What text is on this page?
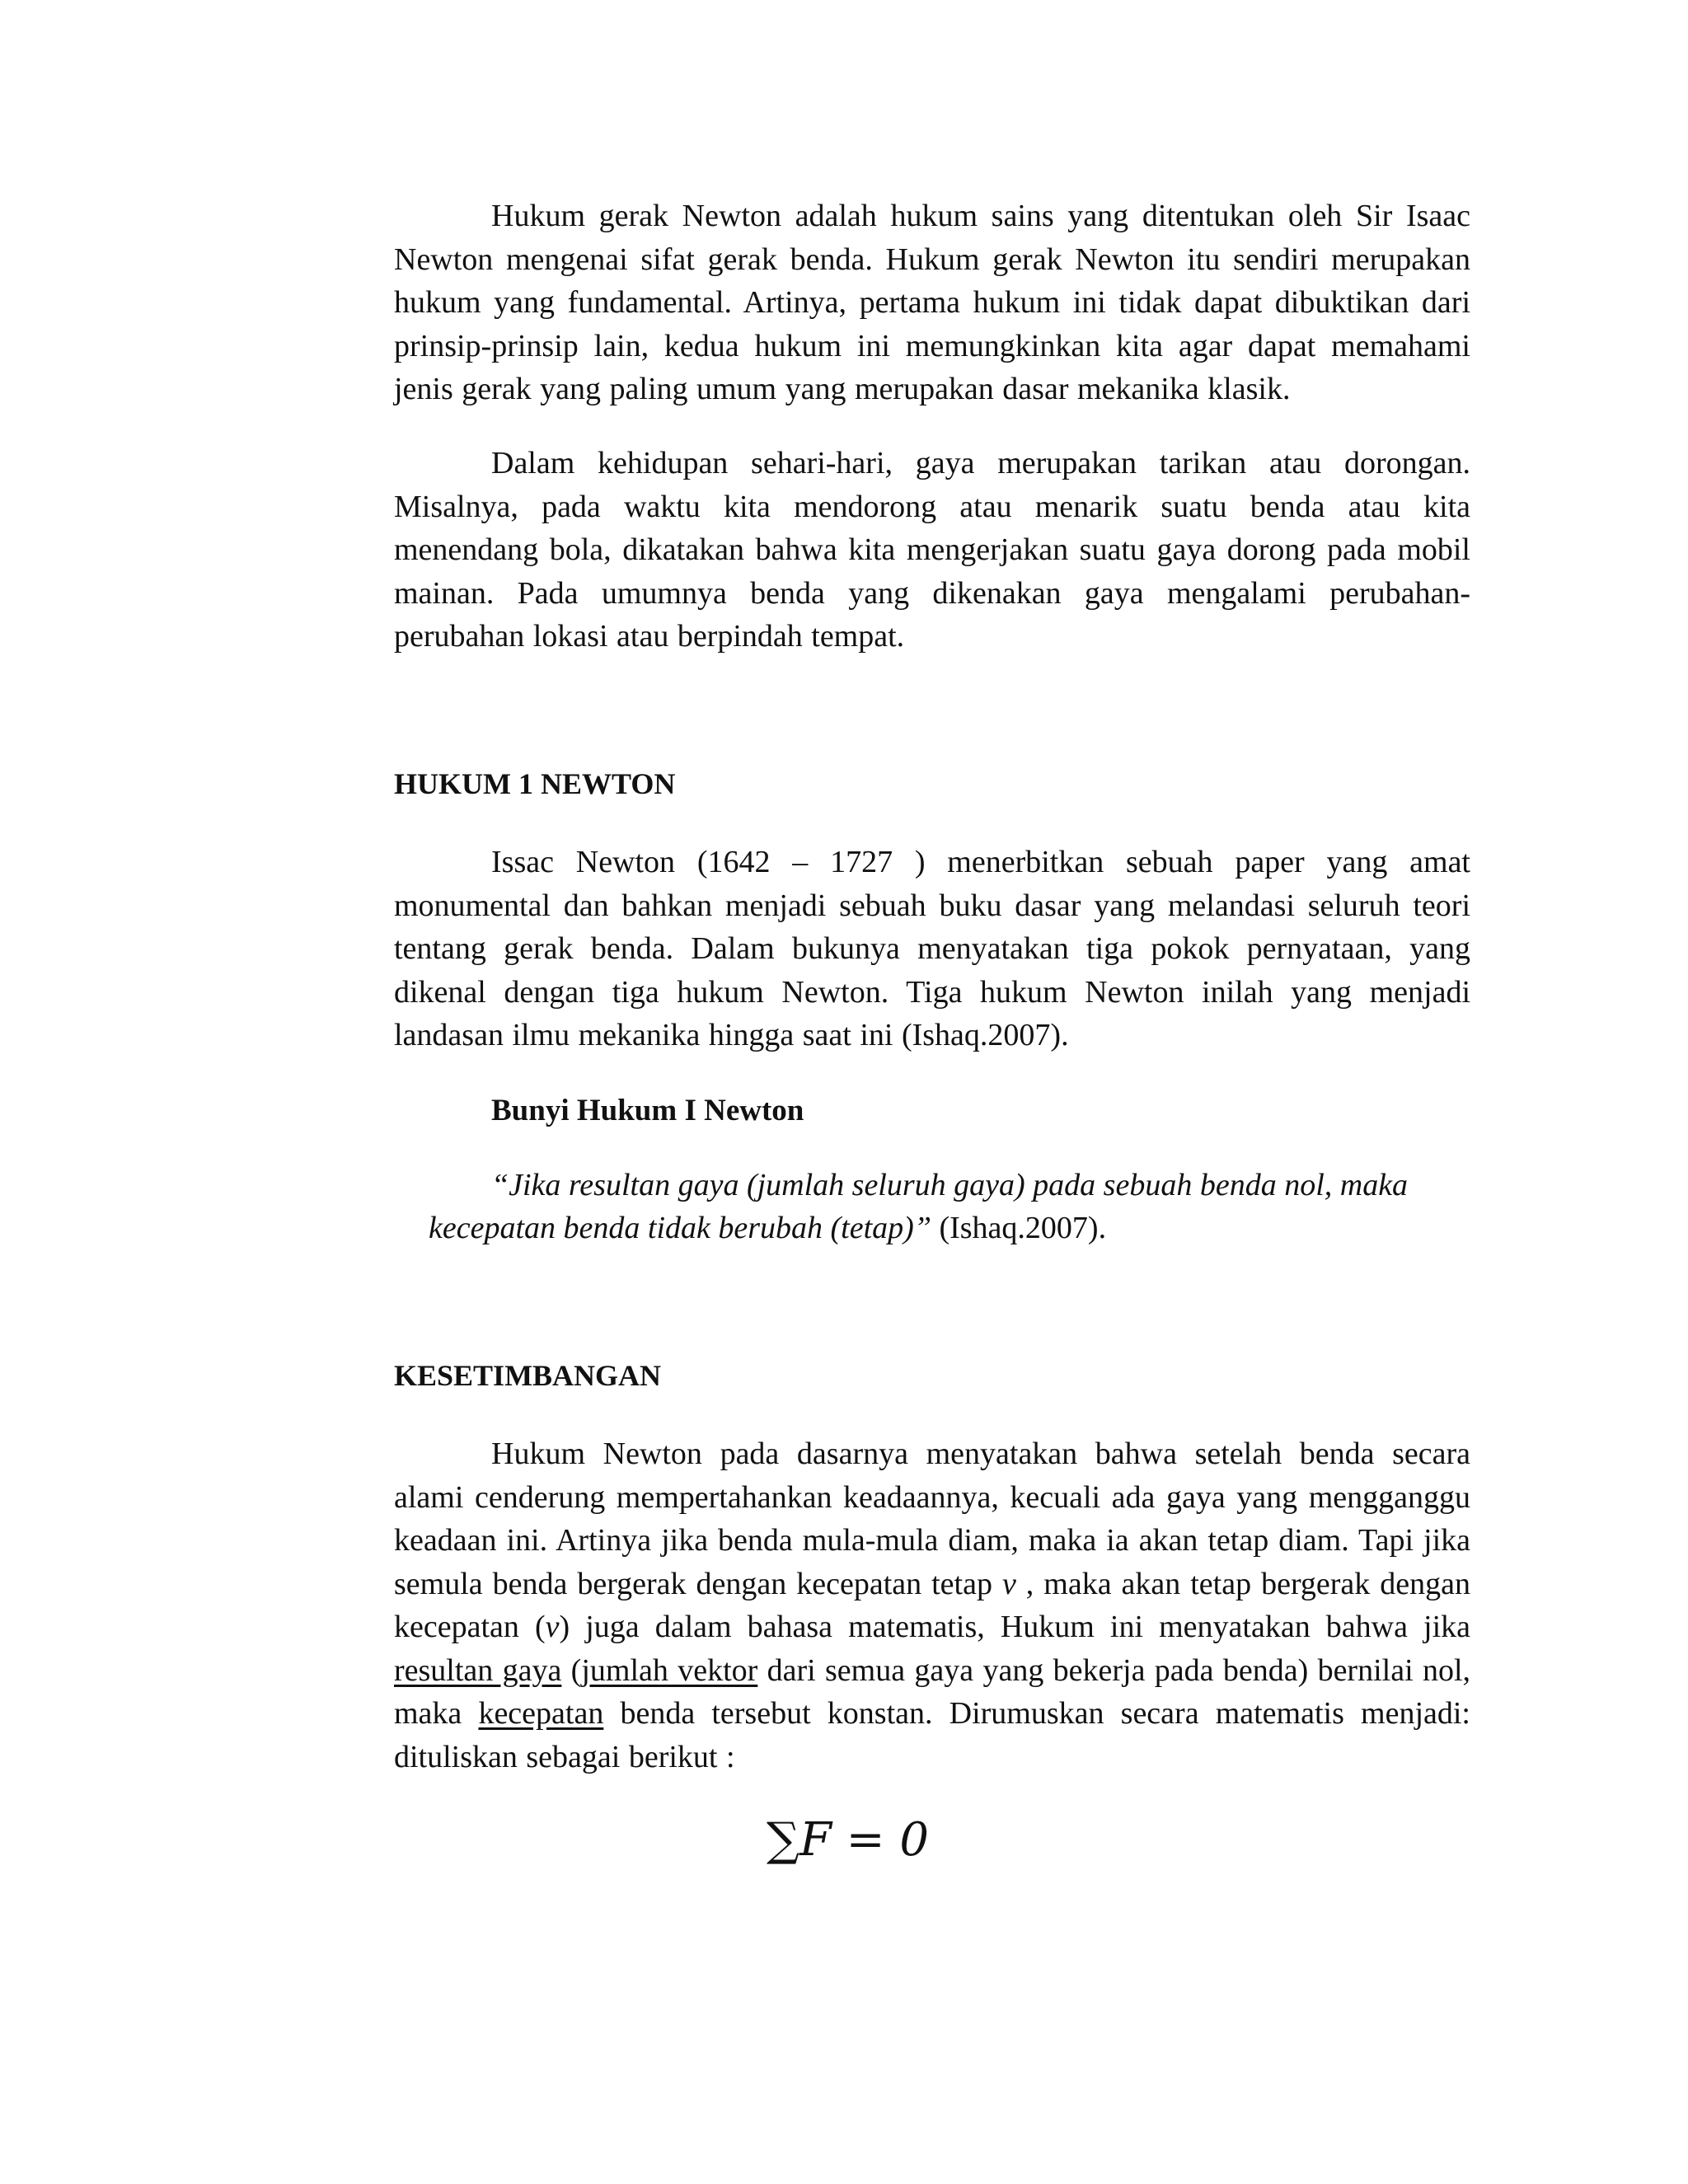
Hukum gerak Newton adalah hukum sains yang ditentukan oleh Sir Isaac Newton mengenai sifat gerak benda. Hukum gerak Newton itu sendiri merupakan hukum yang fundamental. Artinya, pertama hukum ini tidak dapat dibuktikan dari prinsip-prinsip lain, kedua hukum ini memungkinkan kita agar dapat memahami jenis gerak yang paling umum yang merupakan dasar mekanika klasik.

Dalam kehidupan sehari-hari, gaya merupakan tarikan atau dorongan. Misalnya, pada waktu kita mendorong atau menarik suatu benda atau kita menendang bola, dikatakan bahwa kita mengerjakan suatu gaya dorong pada mobil mainan. Pada umumnya benda yang dikenakan gaya mengalami perubahan-perubahan lokasi atau berpindah tempat.

HUKUM 1 NEWTON

Issac Newton (1642 – 1727 ) menerbitkan sebuah paper yang amat monumental dan bahkan menjadi sebuah buku dasar yang melandasi seluruh teori tentang gerak benda. Dalam bukunya menyatakan tiga pokok pernyataan, yang dikenal dengan tiga hukum Newton. Tiga hukum Newton inilah yang menjadi landasan ilmu mekanika hingga saat ini (Ishaq.2007).

Bunyi Hukum I Newton

“Jika resultan gaya (jumlah seluruh gaya) pada sebuah benda nol, maka
kecepatan benda tidak berubah (tetap)” (Ishaq.2007).

KESETIMBANGAN

Hukum Newton pada dasarnya menyatakan bahwa setelah benda secara alami cenderung mempertahankan keadaannya, kecuali ada gaya yang mengganggu keadaan ini. Artinya jika benda mula-mula diam, maka ia akan tetap diam. Tapi jika semula benda bergerak dengan kecepatan tetap v , maka akan tetap bergerak dengan kecepatan (v) juga dalam bahasa matematis, Hukum ini menyatakan bahwa jika resultan gaya (jumlah vektor dari semua gaya yang bekerja pada benda) bernilai nol, maka kecepatan benda tersebut konstan. Dirumuskan secara matematis menjadi: dituliskan sebagai berikut :

∑F = 0
